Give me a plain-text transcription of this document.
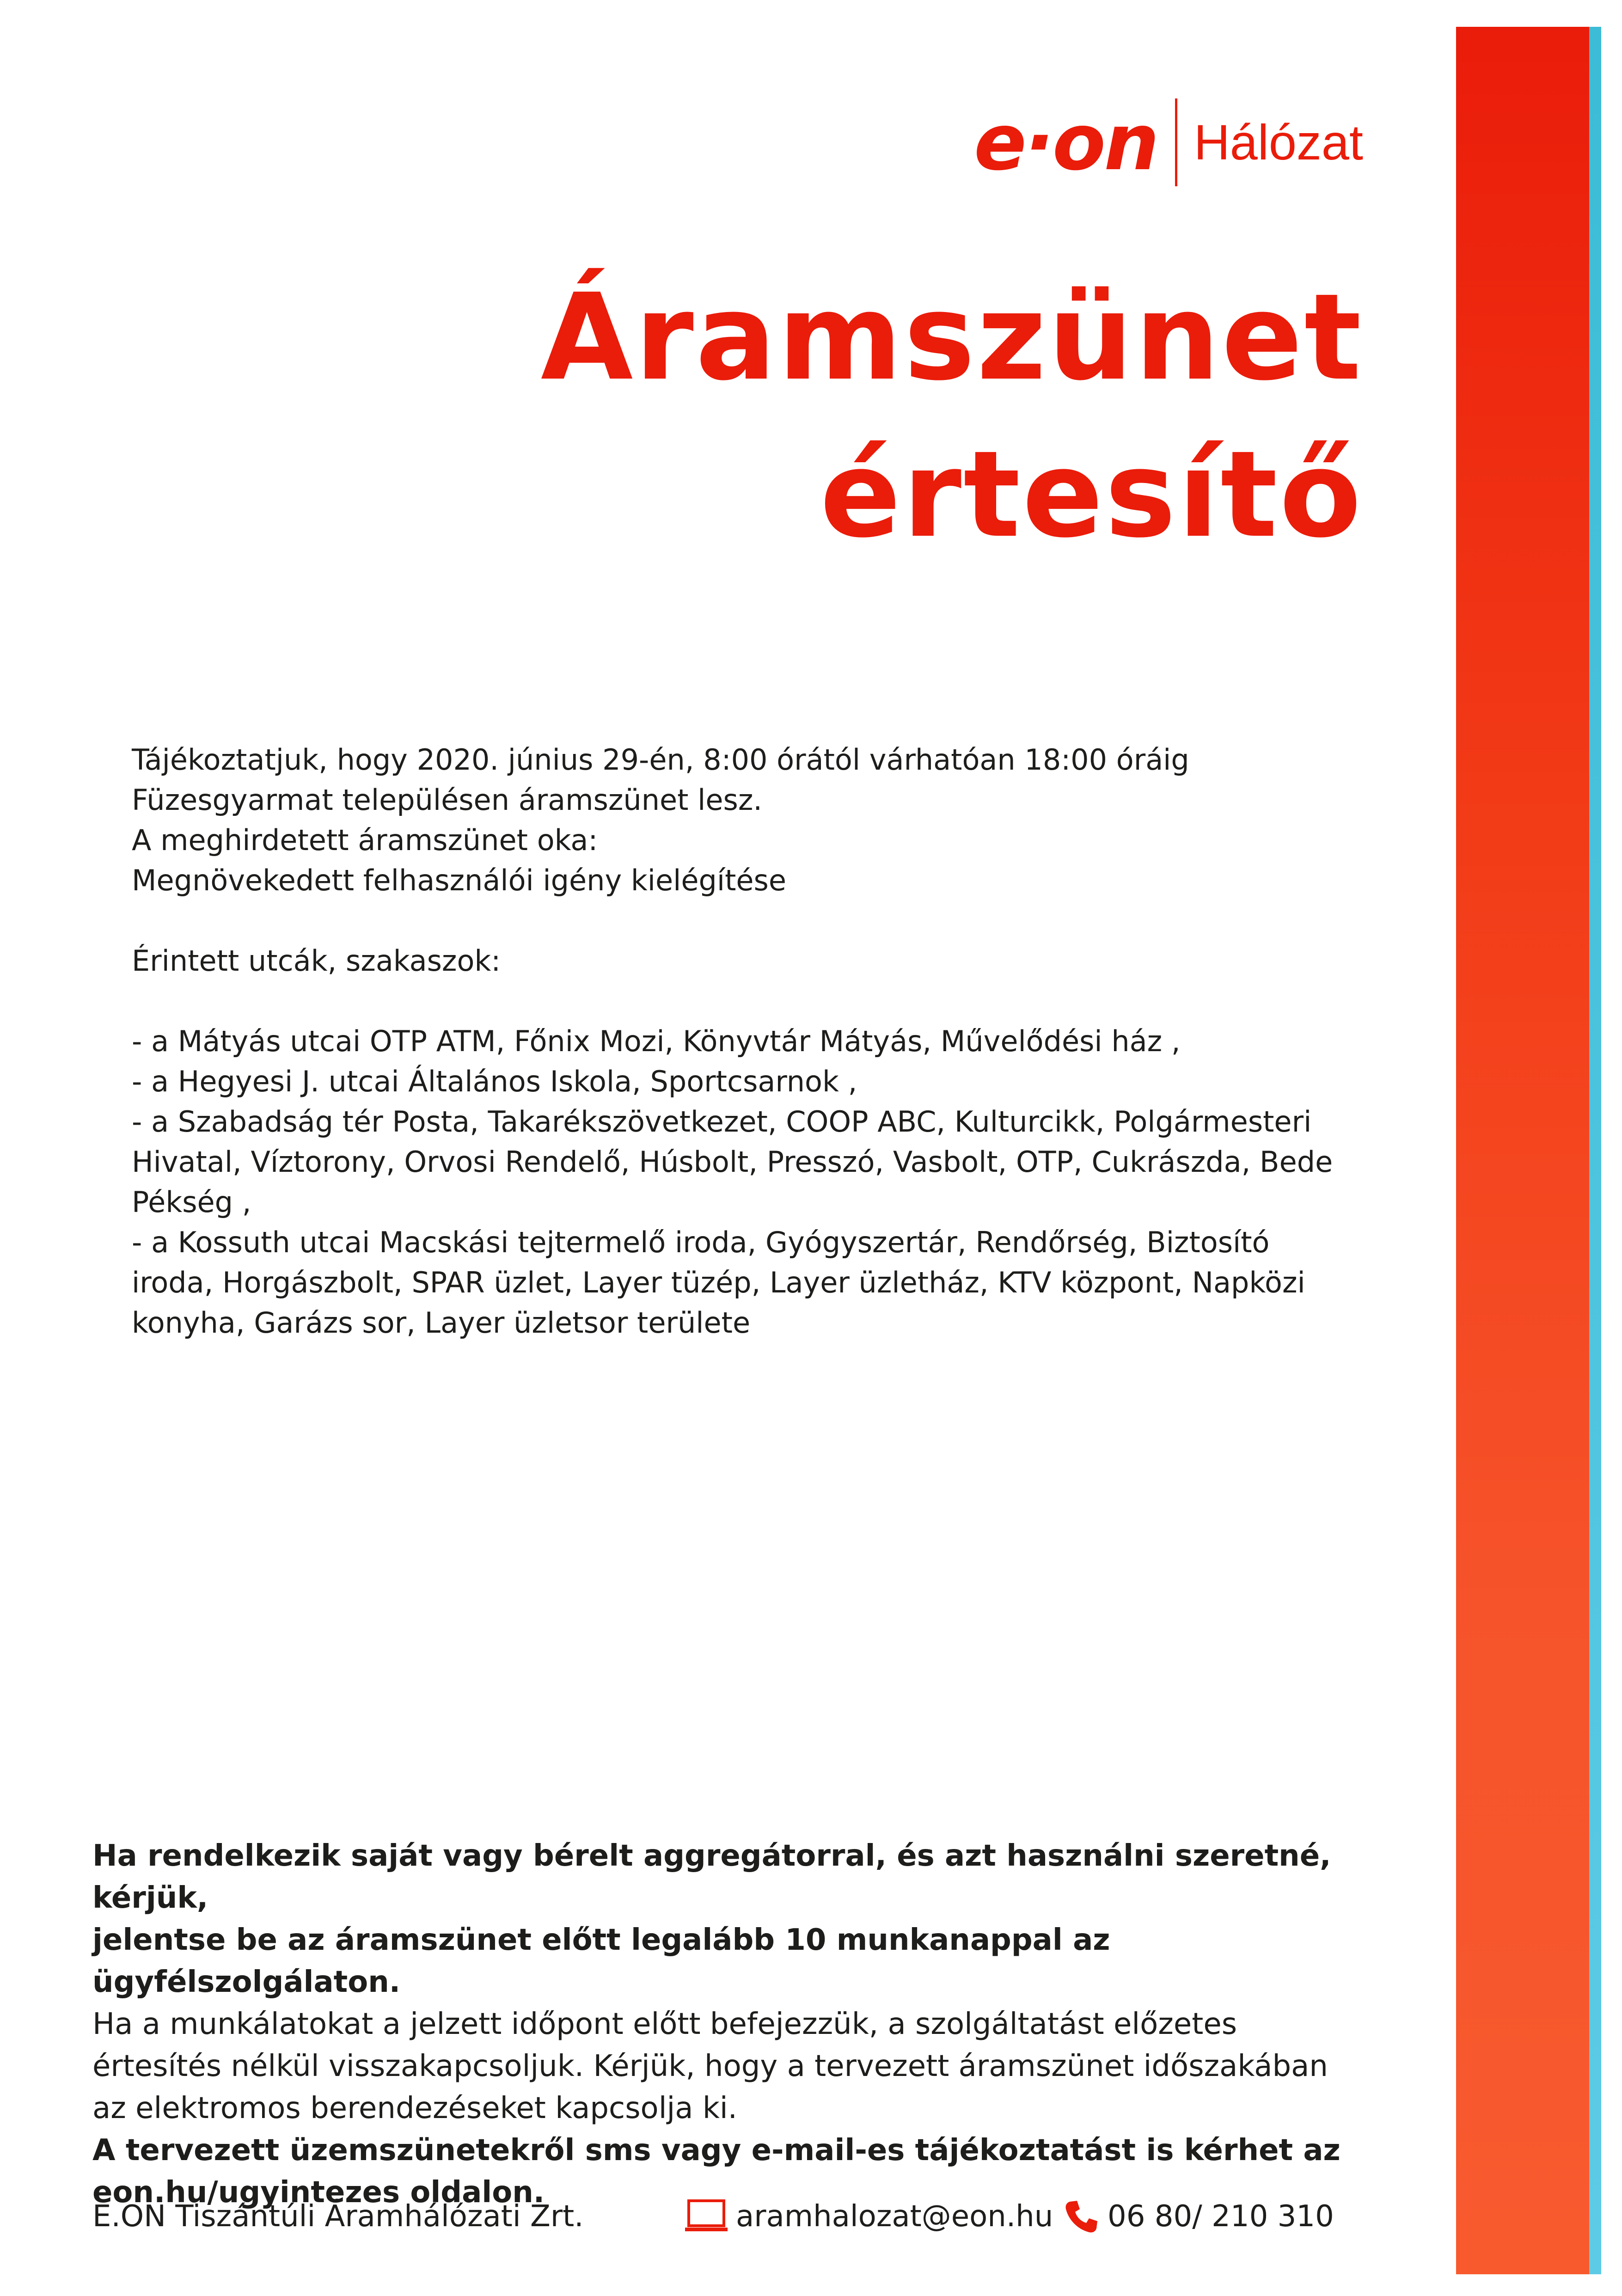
e·on Hálózat
Áramszünet
értesítő

Tájékoztatjuk, hogy 2020. június 29-én, 8:00 órától várhatóan 18:00 óráig

Füzesgyarmat településen áramszünet lesz.

A meghirdetett áramszünet oka:

Megnövekedett felhasználói igény kielégítése

Érintett utcák, szakaszok:

- a Mátyás utcai OTP ATM, Főnix Mozi, Könyvtár Mátyás, Művelődési ház ,

- a Hegyesi J. utcai Általános Iskola, Sportcsarnok ,

- a Szabadság tér Posta, Takarékszövetkezet, COOP ABC, Kulturcikk, Polgármesteri

Hivatal, Víztorony, Orvosi Rendelő, Húsbolt, Presszó, Vasbolt, OTP, Cukrászda, Bede

Pékség ,

- a Kossuth utcai Macskási tejtermelő iroda, Gyógyszertár, Rendőrség, Biztosító

iroda, Horgászbolt, SPAR üzlet, Layer tüzép, Layer üzletház, KTV központ, Napközi

konyha, Garázs sor, Layer üzletsor területe

Ha rendelkezik saját vagy bérelt aggregátorral, és azt használni szeretné, kérjük,

jelentse be az áramszünet előtt legalább 10 munkanappal az ügyfélszolgálaton.

Ha a munkálatokat a jelzett időpont előtt befejezzük, a szolgáltatást előzetes

értesítés nélkül visszakapcsoljuk. Kérjük, hogy a tervezett áramszünet időszakában

az elektromos berendezéseket kapcsolja ki.

A tervezett üzemszünetekről sms vagy e-mail-es tájékoztatást is kérhet az

eon.hu/ugyintezes oldalon.

E.ON Tiszántúli Áramhálózati Zrt.	aramhalozat@eon.hu 06 80/ 210 310
